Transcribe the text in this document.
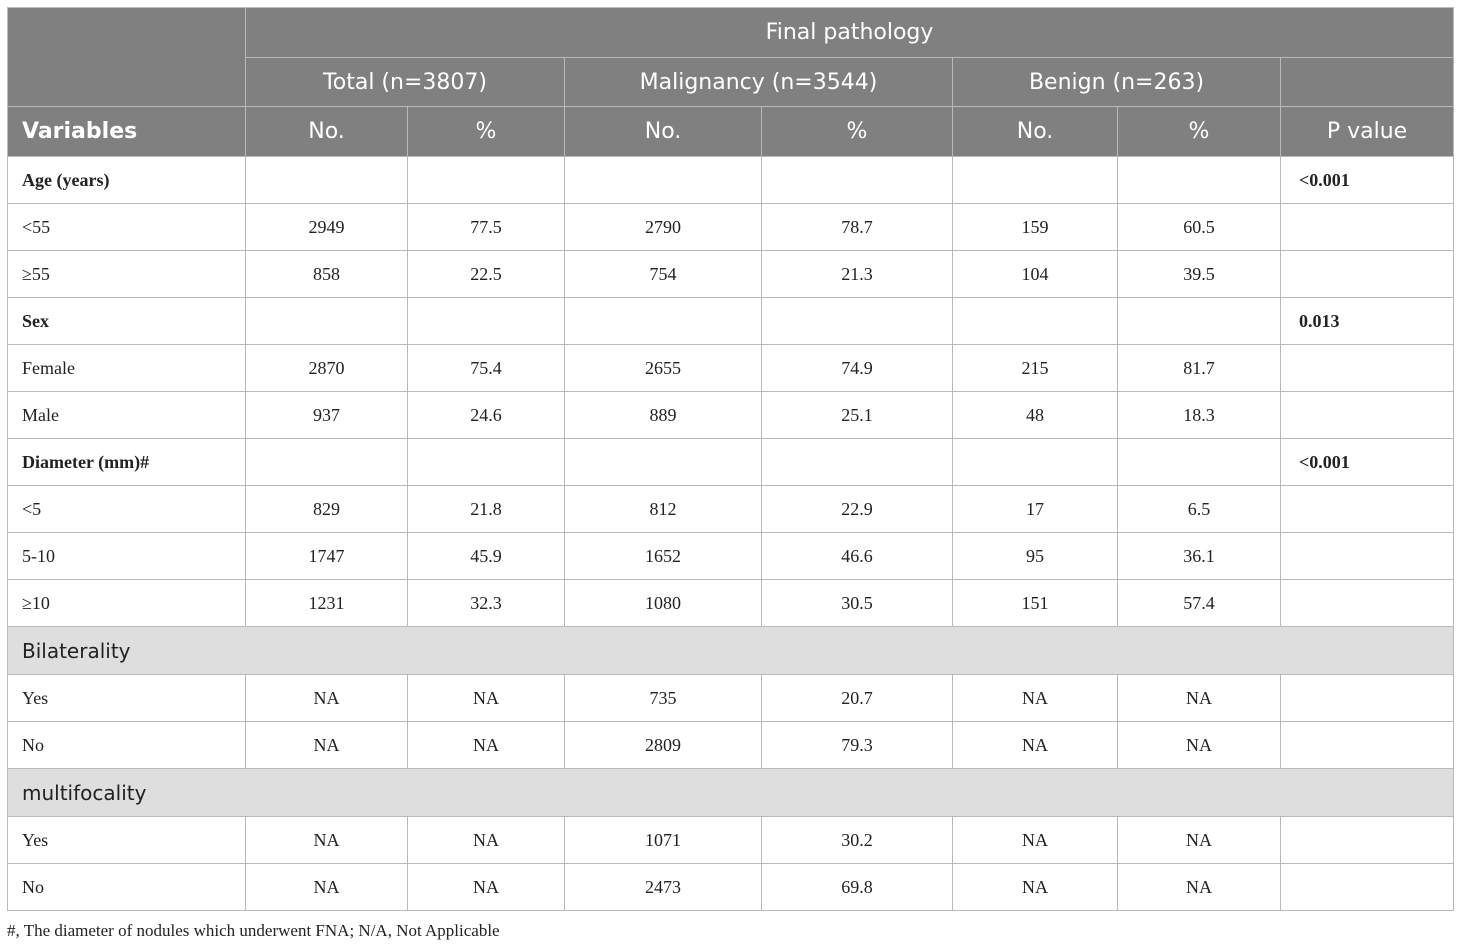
	Final pathology						
	Total (n=3807)		Malignancy (n=3544)		Benign (n=263)		
Variables	No.	%	No.	%	No.	%	P value
Age (years)							<0.001
<55	2949	77.5	2790	78.7	159	60.5	
≥55	858	22.5	754	21.3	104	39.5	
Sex							0.013
Female	2870	75.4	2655	74.9	215	81.7	
Male	937	24.6	889	25.1	48	18.3	
Diameter (mm)#							<0.001
<5	829	21.8	812	22.9	17	6.5	
5-10	1747	45.9	1652	46.6	95	36.1	
≥10	1231	32.3	1080	30.5	151	57.4	
Bilaterality							
Yes	NA	NA	735	20.7	NA	NA	
No	NA	NA	2809	79.3	NA	NA	
multifocality							
Yes	NA	NA	1071	30.2	NA	NA	
No	NA	NA	2473	69.8	NA	NA	
#, The diameter of nodules which underwent FNA; N/A, Not Applicable
